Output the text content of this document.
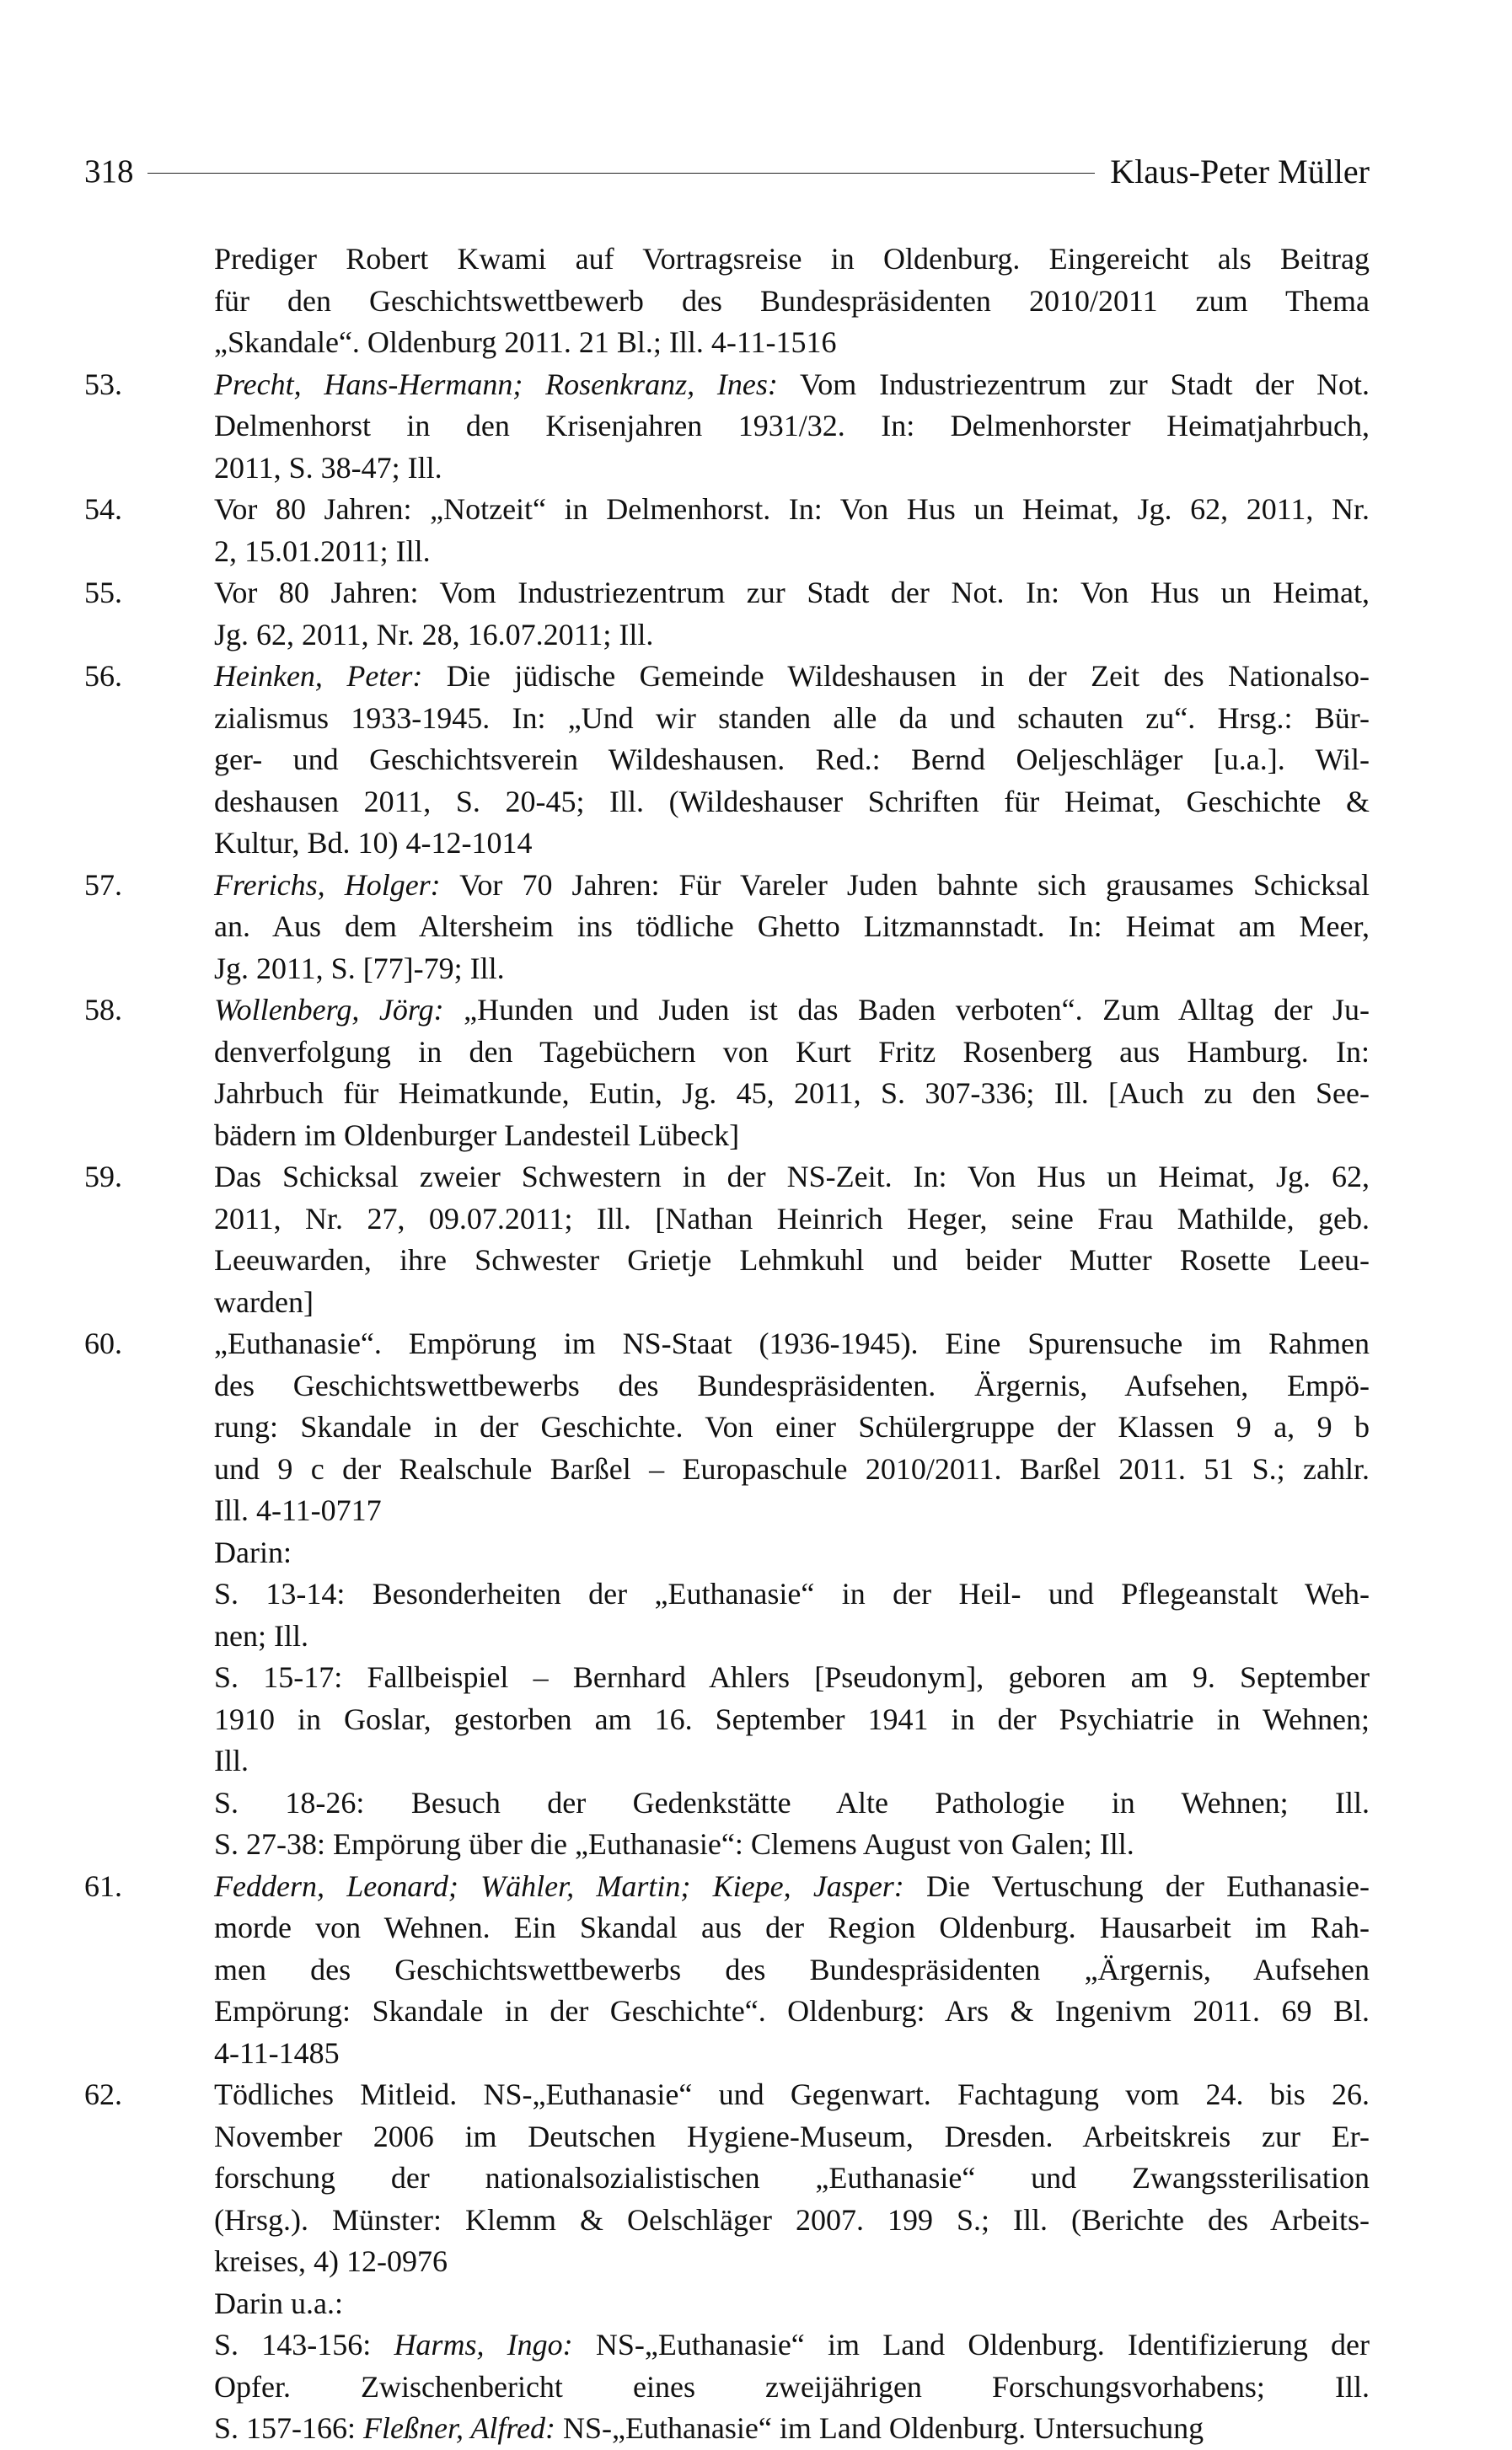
318	Klaus-Peter Müller
Prediger Robert Kwami auf Vortragsreise in Oldenburg. Eingereicht als Beitrag
für den Geschichtswettbewerb des Bundespräsidenten 2010/2011 zum Thema
„Skandale“. Oldenburg 2011. 21 Bl.; Ill. 4-11-1516
53.	Precht, Hans-Hermann; Rosenkranz, Ines: Vom Industriezentrum zur Stadt der Not.
Delmenhorst in den Krisenjahren 1931/32. In: Delmenhorster Heimatjahrbuch,
2011, S. 38-47; Ill.
54.	Vor 80 Jahren: „Notzeit“ in Delmenhorst. In: Von Hus un Heimat, Jg. 62, 2011, Nr.
2, 15.01.2011; Ill.
55.	Vor 80 Jahren: Vom Industriezentrum zur Stadt der Not. In: Von Hus un Heimat,
Jg. 62, 2011, Nr. 28, 16.07.2011; Ill.
56.	Heinken, Peter: Die jüdische Gemeinde Wildeshausen in der Zeit des Nationalso-
zialismus 1933-1945. In: „Und wir standen alle da und schauten zu“. Hrsg.: Bür-
ger- und Geschichtsverein Wildeshausen. Red.: Bernd Oeljeschläger [u.a.]. Wil-
deshausen 2011, S. 20-45; Ill. (Wildeshauser Schriften für Heimat, Geschichte &
Kultur, Bd. 10) 4-12-1014
57.	Frerichs, Holger: Vor 70 Jahren: Für Vareler Juden bahnte sich grausames Schicksal
an. Aus dem Altersheim ins tödliche Ghetto Litzmannstadt. In: Heimat am Meer,
Jg. 2011, S. [77]-79; Ill.
58.	Wollenberg, Jörg: „Hunden und Juden ist das Baden verboten“. Zum Alltag der Ju-
denverfolgung in den Tagebüchern von Kurt Fritz Rosenberg aus Hamburg. In:
Jahrbuch für Heimatkunde, Eutin, Jg. 45, 2011, S. 307-336; Ill. [Auch zu den See-
bädern im Oldenburger Landesteil Lübeck]
59.	Das Schicksal zweier Schwestern in der NS-Zeit. In: Von Hus un Heimat, Jg. 62,
2011, Nr. 27, 09.07.2011; Ill. [Nathan Heinrich Heger, seine Frau Mathilde, geb.
Leeuwarden, ihre Schwester Grietje Lehmkuhl und beider Mutter Rosette Leeu-
warden]
60.	„Euthanasie“. Empörung im NS-Staat (1936-1945). Eine Spurensuche im Rahmen
des Geschichtswettbewerbs des Bundespräsidenten. Ärgernis, Aufsehen, Empö-
rung: Skandale in der Geschichte. Von einer Schülergruppe der Klassen 9 a, 9 b
und 9 c der Realschule Barßel – Europaschule 2010/2011. Barßel 2011. 51 S.; zahlr.
Ill. 4-11-0717
Darin:
S. 13-14: Besonderheiten der „Euthanasie“ in der Heil- und Pflegeanstalt Weh-
nen; Ill.
S. 15-17: Fallbeispiel – Bernhard Ahlers [Pseudonym], geboren am 9. September
1910 in Goslar, gestorben am 16. September 1941 in der Psychiatrie in Wehnen;
Ill.
S. 18-26: Besuch der Gedenkstätte Alte Pathologie in Wehnen; Ill.
S. 27-38: Empörung über die „Euthanasie“: Clemens August von Galen; Ill.
61.	Feddern, Leonard; Wähler, Martin; Kiepe, Jasper: Die Vertuschung der Euthanasie-
morde von Wehnen. Ein Skandal aus der Region Oldenburg. Hausarbeit im Rah-
men des Geschichtswettbewerbs des Bundespräsidenten „Ärgernis, Aufsehen
Empörung: Skandale in der Geschichte“. Oldenburg: Ars & Ingenivm 2011. 69 Bl.
4-11-1485
62.	Tödliches Mitleid. NS-„Euthanasie“ und Gegenwart. Fachtagung vom 24. bis 26.
November 2006 im Deutschen Hygiene-Museum, Dresden. Arbeitskreis zur Er-
forschung der nationalsozialistischen „Euthanasie“ und Zwangssterilisation
(Hrsg.). Münster: Klemm & Oelschläger 2007. 199 S.; Ill. (Berichte des Arbeits-
kreises, 4) 12-0976
Darin u.a.:
S. 143-156: Harms, Ingo: NS-„Euthanasie“ im Land Oldenburg. Identifizierung der
Opfer. Zwischenbericht eines zweijährigen Forschungsvorhabens; Ill.
S. 157-166: Fleßner, Alfred: NS-„Euthanasie“ im Land Oldenburg. Untersuchung
